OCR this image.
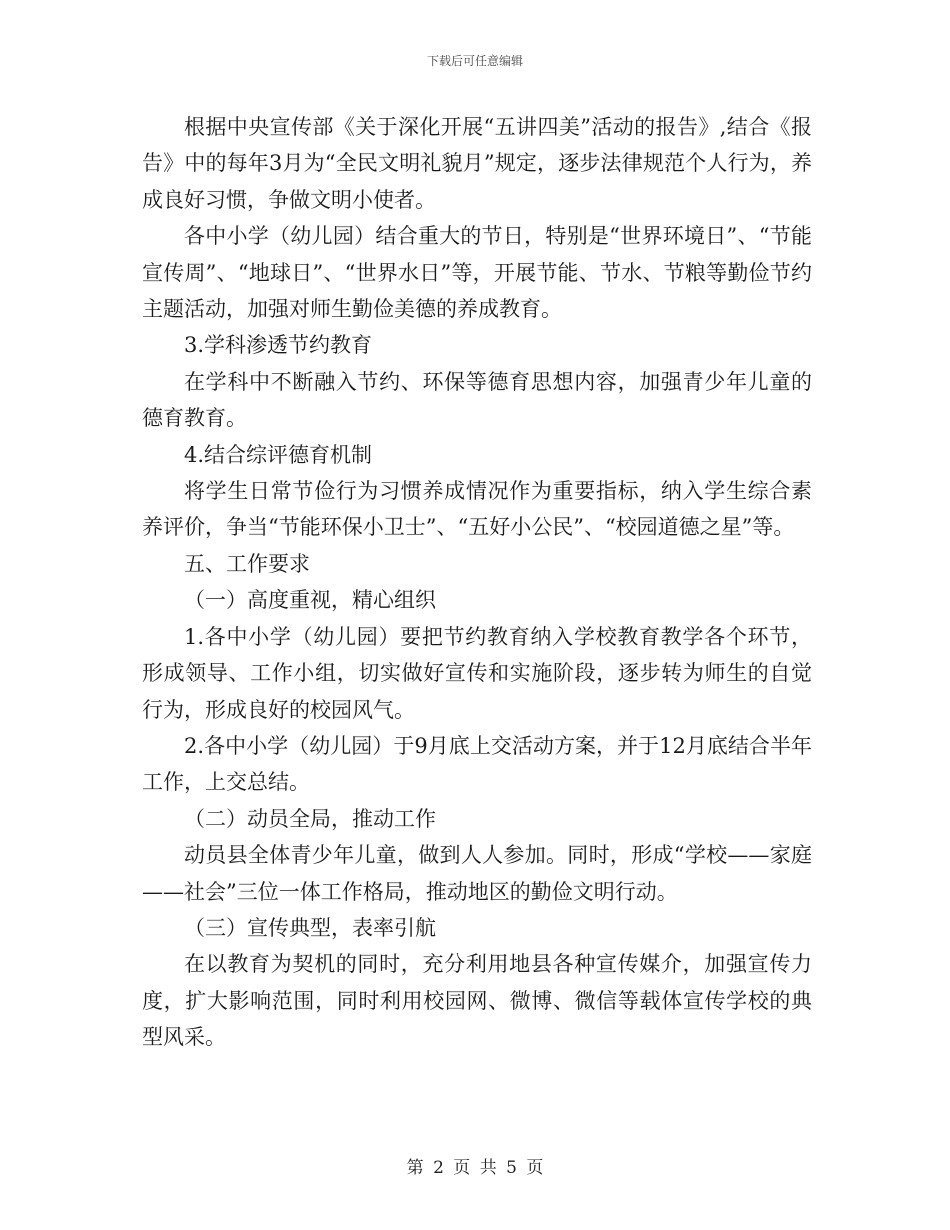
下载后可任意编辑

根据中央宣传部《关于深化开展“五讲四美”活动的报告》,结合《报告》中的每年3月为“全民文明礼貌月”规定，逐步法律规范个人行为，养成良好习惯，争做文明小使者。

各中小学（幼儿园）结合重大的节日，特别是“世界环境日”、“节能宣传周”、“地球日”、“世界水日”等，开展节能、节水、节粮等勤俭节约主题活动，加强对师生勤俭美德的养成教育。

3.学科渗透节约教育

在学科中不断融入节约、环保等德育思想内容，加强青少年儿童的德育教育。

4.结合综评德育机制

将学生日常节俭行为习惯养成情况作为重要指标，纳入学生综合素养评价，争当“节能环保小卫士”、“五好小公民”、“校园道德之星”等。

五、工作要求

（一）高度重视，精心组织

1.各中小学（幼儿园）要把节约教育纳入学校教育教学各个环节，形成领导、工作小组，切实做好宣传和实施阶段，逐步转为师生的自觉行为，形成良好的校园风气。

2.各中小学（幼儿园）于9月底上交活动方案，并于12月底结合半年工作，上交总结。

（二）动员全局，推动工作

动员县全体青少年儿童，做到人人参加。同时，形成“学校——家庭——社会”三位一体工作格局，推动地区的勤俭文明行动。

（三）宣传典型，表率引航

在以教育为契机的同时，充分利用地县各种宣传媒介，加强宣传力度，扩大影响范围，同时利用校园网、微博、微信等载体宣传学校的典型风采。

第 2 页 共 5 页
